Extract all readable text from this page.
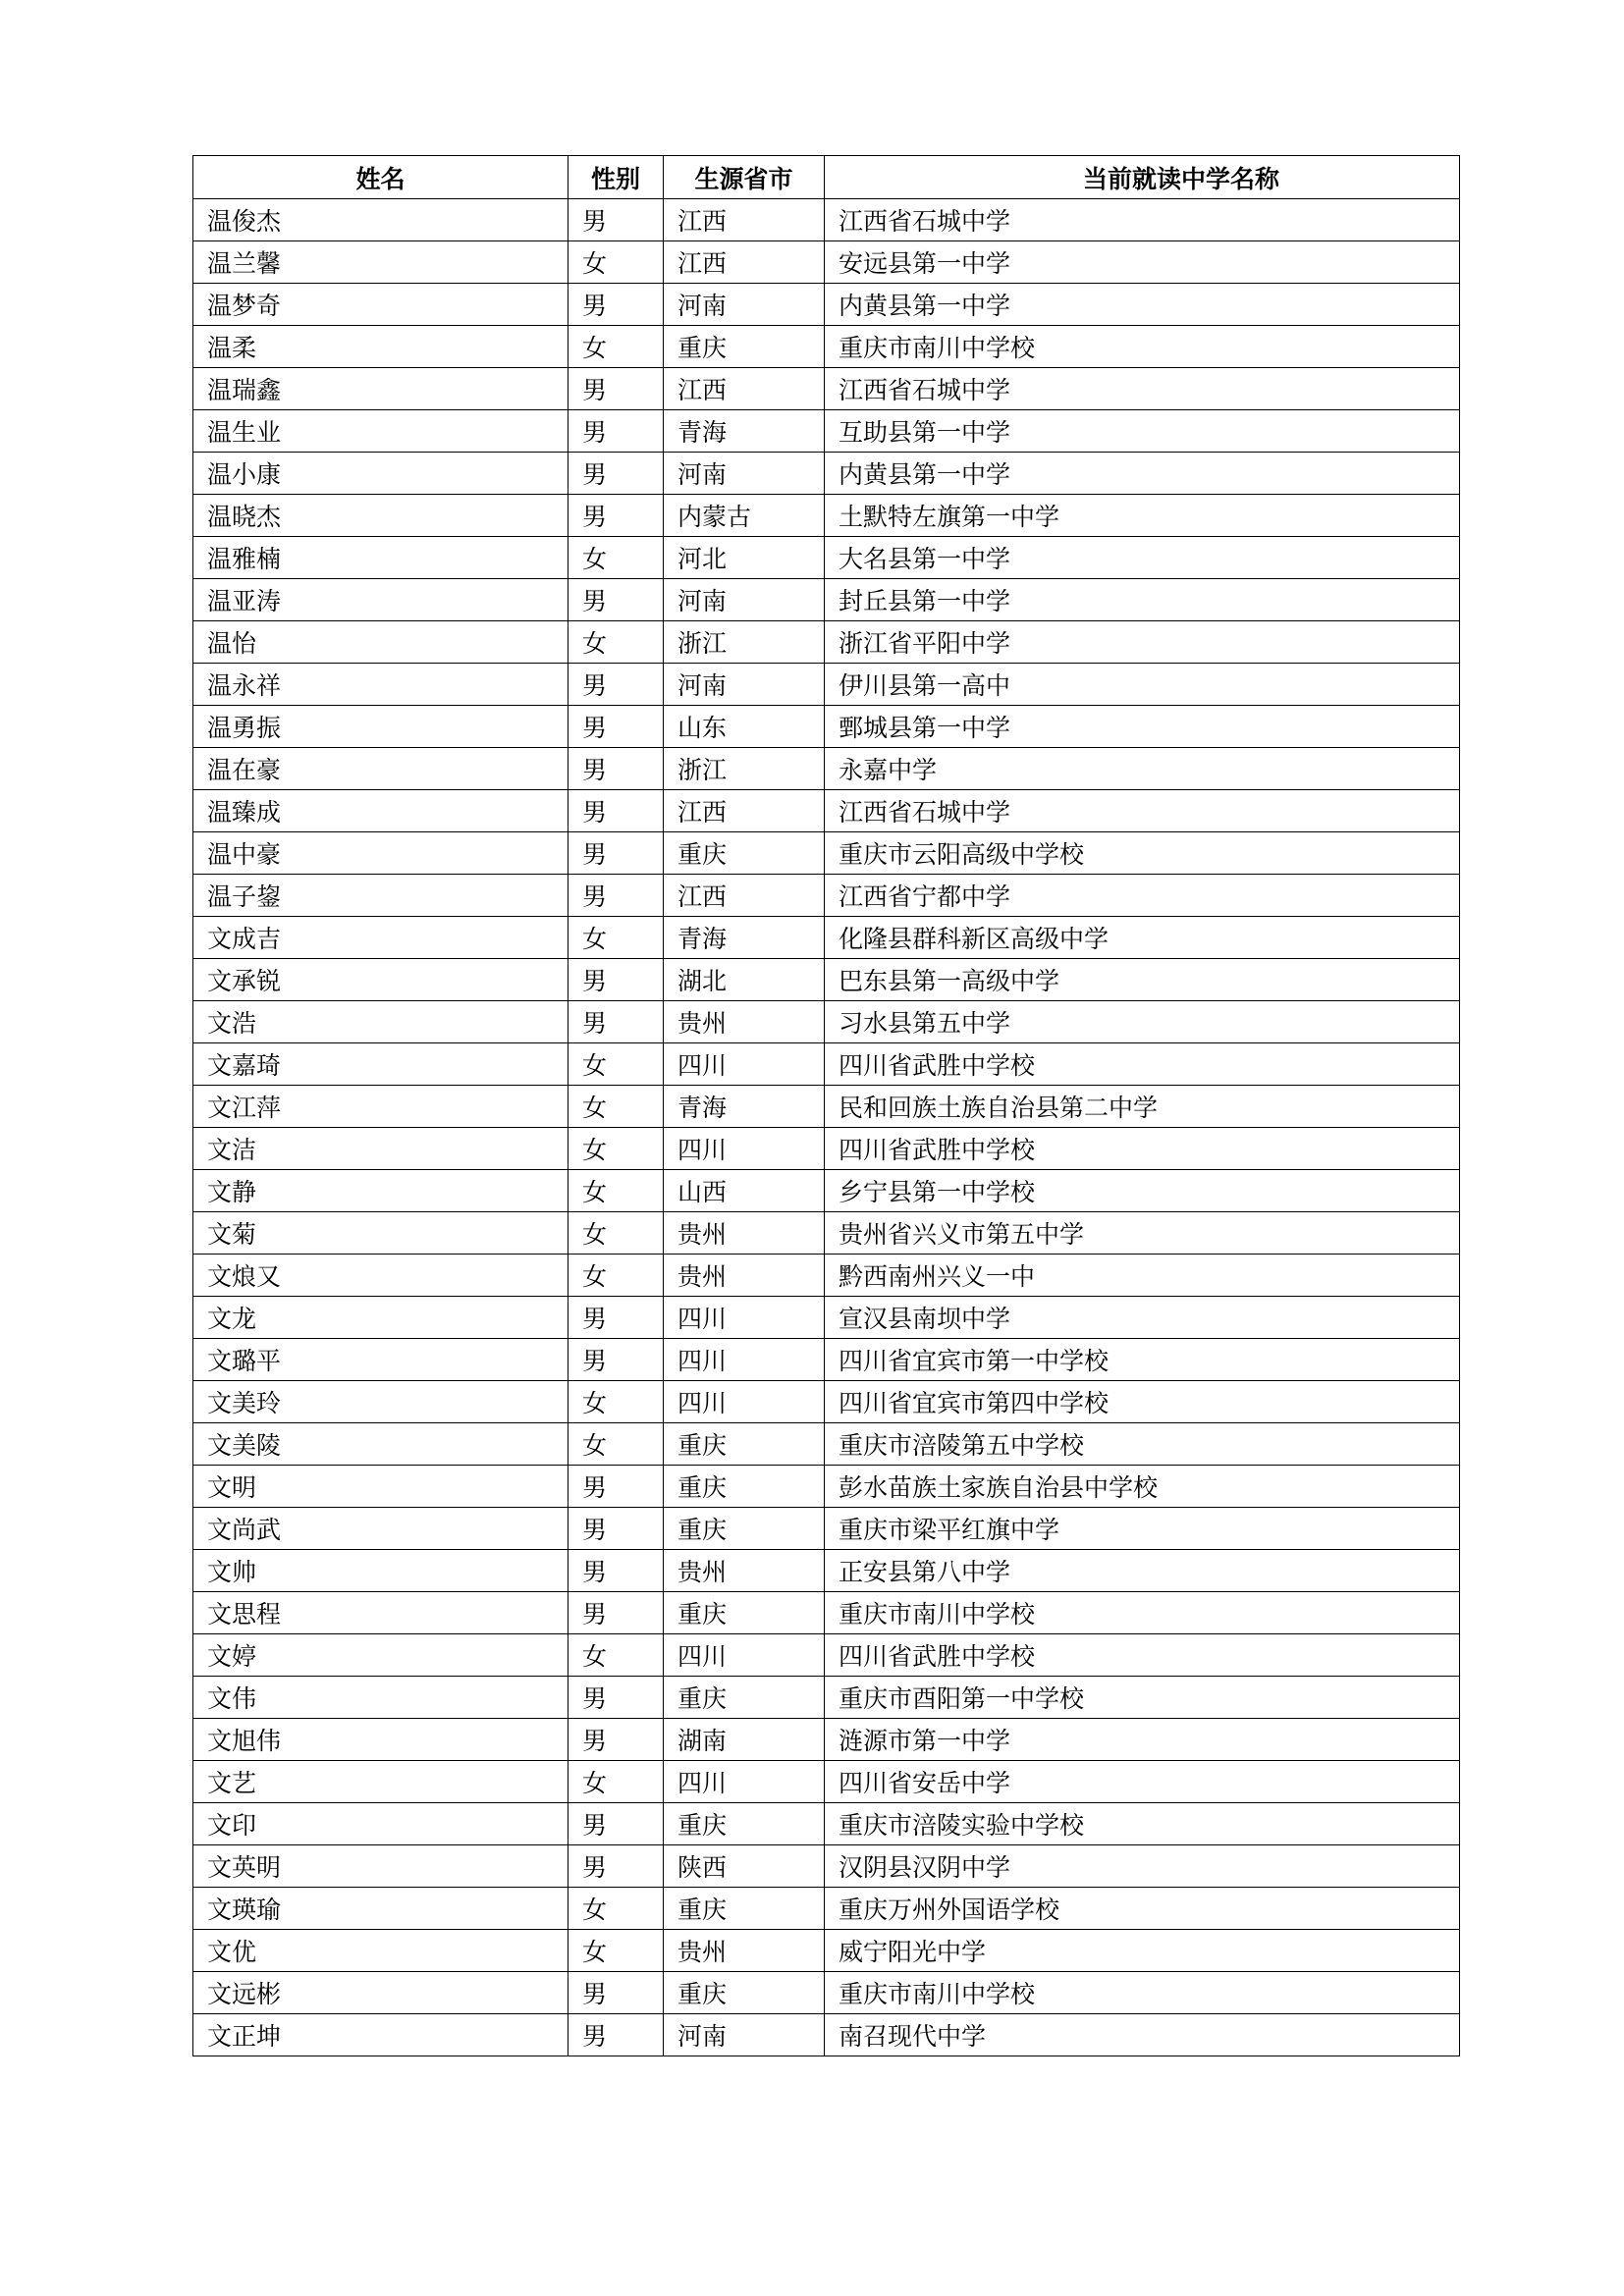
姓名	性别	生源省市	当前就读中学名称
温俊杰	男	江西	江西省石城中学
温兰馨	女	江西	安远县第一中学
温梦奇	男	河南	内黄县第一中学
温柔	女	重庆	重庆市南川中学校
温瑞鑫	男	江西	江西省石城中学
温生业	男	青海	互助县第一中学
温小康	男	河南	内黄县第一中学
温晓杰	男	内蒙古	土默特左旗第一中学
温雅楠	女	河北	大名县第一中学
温亚涛	男	河南	封丘县第一中学
温怡	女	浙江	浙江省平阳中学
温永祥	男	河南	伊川县第一高中
温勇振	男	山东	鄄城县第一中学
温在豪	男	浙江	永嘉中学
温臻成	男	江西	江西省石城中学
温中豪	男	重庆	重庆市云阳高级中学校
温子鋆	男	江西	江西省宁都中学
文成吉	女	青海	化隆县群科新区高级中学
文承锐	男	湖北	巴东县第一高级中学
文浩	男	贵州	习水县第五中学
文嘉琦	女	四川	四川省武胜中学校
文江萍	女	青海	民和回族土族自治县第二中学
文洁	女	四川	四川省武胜中学校
文静	女	山西	乡宁县第一中学校
文菊	女	贵州	贵州省兴义市第五中学
文烺又	女	贵州	黔西南州兴义一中
文龙	男	四川	宣汉县南坝中学
文璐平	男	四川	四川省宜宾市第一中学校
文美玲	女	四川	四川省宜宾市第四中学校
文美陵	女	重庆	重庆市涪陵第五中学校
文明	男	重庆	彭水苗族土家族自治县中学校
文尚武	男	重庆	重庆市梁平红旗中学
文帅	男	贵州	正安县第八中学
文思程	男	重庆	重庆市南川中学校
文婷	女	四川	四川省武胜中学校
文伟	男	重庆	重庆市酉阳第一中学校
文旭伟	男	湖南	涟源市第一中学
文艺	女	四川	四川省安岳中学
文印	男	重庆	重庆市涪陵实验中学校
文英明	男	陕西	汉阴县汉阴中学
文瑛瑜	女	重庆	重庆万州外国语学校
文优	女	贵州	威宁阳光中学
文远彬	男	重庆	重庆市南川中学校
文正坤	男	河南	南召现代中学
